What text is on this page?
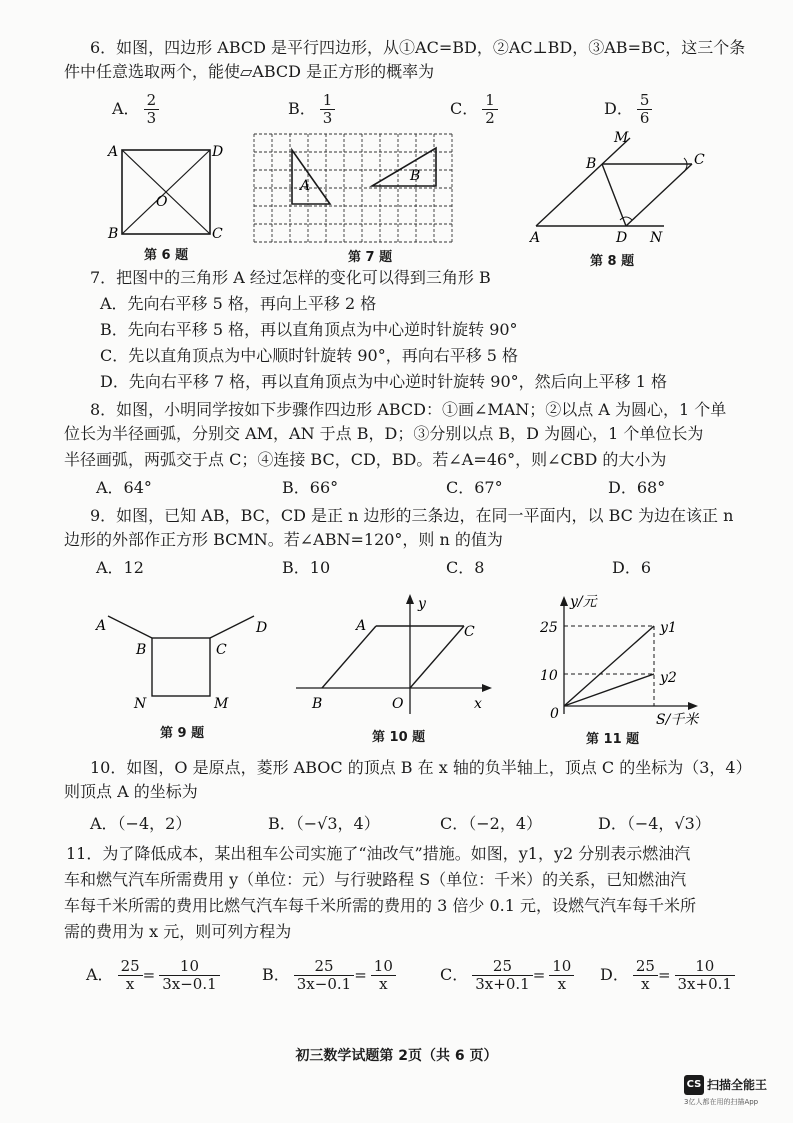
6．如图，四边形 ABCD 是平行四边形，从①AC=BD，②AC⊥BD，③AB=BC，这三个条
件中任意选取两个，能使▱ABCD 是正方形的概率为
A． $\frac{2}{3}$	B． $\frac{1}{3}$	C． $\frac{1}{2}$	D． $\frac{5}{6}$
A	D
O
B	C
第 6 题
A
B
第 7 题
M
B	C
A	D N
第 8 题
7．把图中的三角形 A 经过怎样的变化可以得到三角形 B
A．先向右平移 5 格，再向上平移 2 格
B．先向右平移 5 格，再以直角顶点为中心逆时针旋转 90°
C．先以直角顶点为中心顺时针旋转 90°，再向右平移 5 格
D．先向右平移 7 格，再以直角顶点为中心逆时针旋转 90°，然后向上平移 1 格
8．如图，小明同学按如下步骤作四边形 ABCD：①画∠MAN；②以点 A 为圆心，1 个单
位长为半径画弧，分别交 AM，AN 于点 B，D；③分别以点 B，D 为圆心，1 个单位长为
半径画弧，两弧交于点 C；④连接 BC，CD，BD。若∠A=46°，则∠CBD 的大小为
A．64°	B．66°	C．67°	D．68°
9．如图，已知 AB，BC，CD 是正 n 边形的三条边，在同一平面内，以 BC 为边在该正 n
边形的外部作正方形 BCMN。若∠ABN=120°，则 n 的值为
A．12	B．10	C．8	D．6
A
B	C
D
N	M
第 9 题
y
A	C
B	O	x
第 10 题
y/元
25
10
0
y1
y2
S/千米
第 11 题
10．如图，O 是原点，菱形 ABOC 的顶点 B 在 x 轴的负半轴上，顶点 C 的坐标为（3，4）
则顶点 A 的坐标为
A．（−4，2）	B．（−√3，4）	C．（−2，4）	D．（−4，√3）
11．为了降低成本，某出租车公司实施了“油改气”措施。如图，y1，y2 分别表示燃油汽
车和燃气汽车所需费用 y（单位：元）与行驶路程 S（单位：千米）的关系，已知燃油汽
车每千米所需的费用比燃气汽车每千米所需的费用的 3 倍少 0.1 元，设燃气汽车每千米所
需的费用为 x 元，则可列方程为
A． $\frac{25}{x} = \frac{10}{3x-0.1}$	B． $\frac{25}{3x-0.1} = \frac{10}{x}$	C． $\frac{25}{3x+0.1} = \frac{10}{x}$ D． $\frac{25}{x} = \frac{10}{3x+0.1}$
初三数学试题第 2页（共 6 页）
CS 扫描全能王
3亿人都在用的扫描App
